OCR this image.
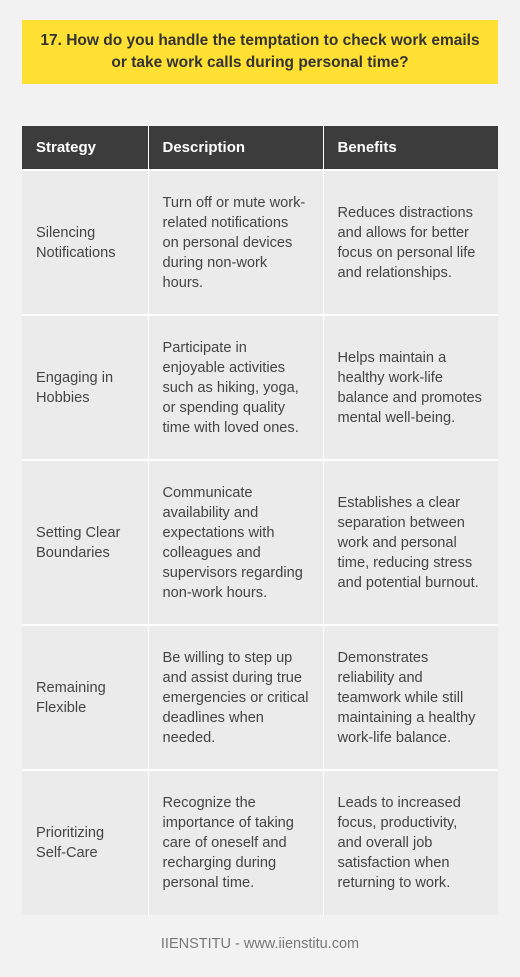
17. How do you handle the temptation to check work emails or take work calls during personal time?
Strategy	Description	Benefits
Silencing Notifications	Turn off or mute work-related notifications on personal devices during non-work hours.	Reduces distractions and allows for better focus on personal life and relationships.
Engaging in Hobbies	Participate in enjoyable activities such as hiking, yoga, or spending quality time with loved ones.	Helps maintain a healthy work-life balance and promotes mental well-being.
Setting Clear Boundaries	Communicate availability and expectations with colleagues and supervisors regarding non-work hours.	Establishes a clear separation between work and personal time, reducing stress and potential burnout.
Remaining Flexible	Be willing to step up and assist during true emergencies or critical deadlines when needed.	Demonstrates reliability and teamwork while still maintaining a healthy work-life balance.
Prioritizing Self-Care	Recognize the importance of taking care of oneself and recharging during personal time.	Leads to increased focus, productivity, and overall job satisfaction when returning to work.
IIENSTITU - www.iienstitu.com
